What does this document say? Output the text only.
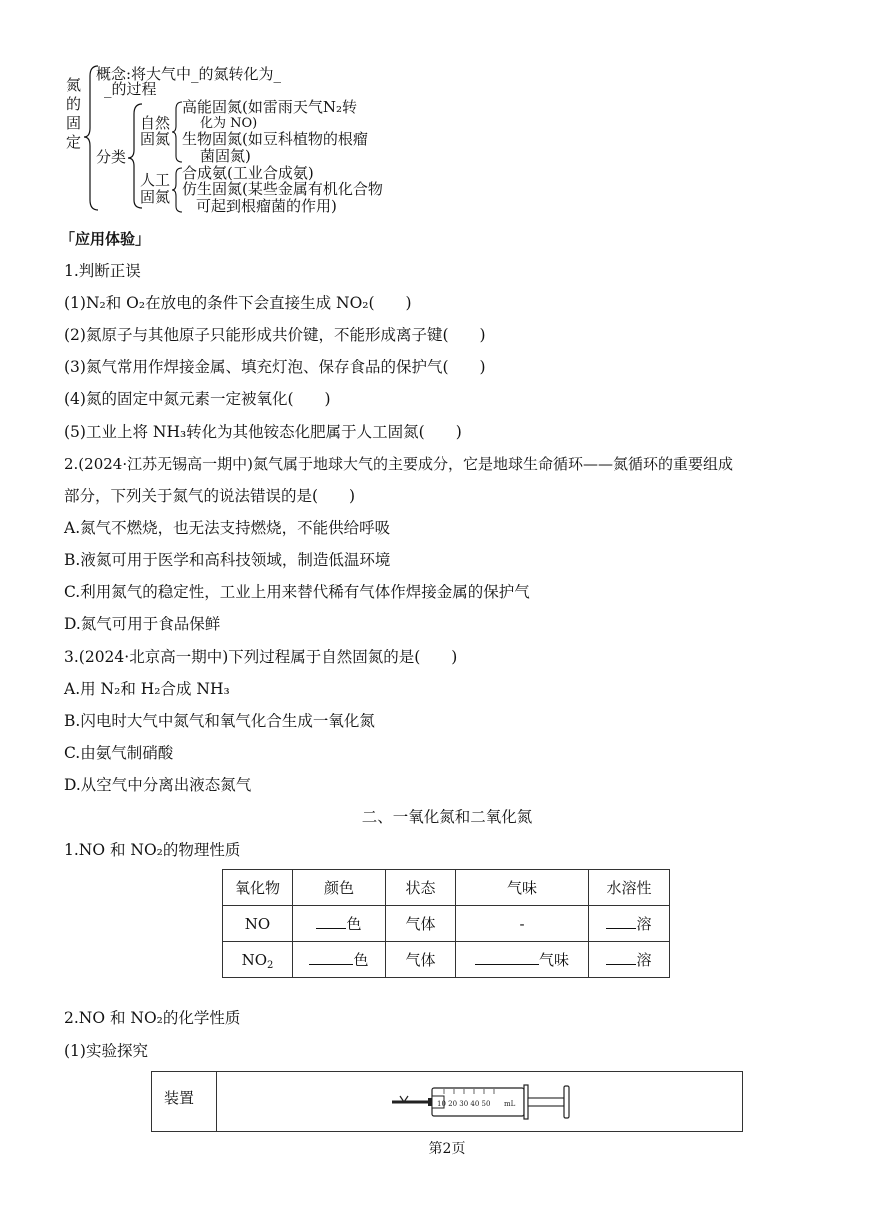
氮
的
固
定
概念:将大气中_的氮转化为_
_的过程
分类
自然
固氮
高能固氮(如雷雨天气N₂转
化为 NO)
生物固氮(如豆科植物的根瘤
菌固氮)
人工
固氮
合成氨(工业合成氨)
仿生固氮(某些金属有机化合物
可起到根瘤菌的作用)
「应用体验」
1.判断正误
(1)N₂和 O₂在放电的条件下会直接生成 NO₂(　　)
(2)氮原子与其他原子只能形成共价键，不能形成离子键(　　)
(3)氮气常用作焊接金属、填充灯泡、保存食品的保护气(　　)
(4)氮的固定中氮元素一定被氧化(　　)
(5)工业上将 NH₃转化为其他铵态化肥属于人工固氮(　　)
2.(2024·江苏无锡高一期中)氮气属于地球大气的主要成分，它是地球生命循环——氮循环的重要组成
部分，下列关于氮气的说法错误的是(　　)
A.氮气不燃烧，也无法支持燃烧，不能供给呼吸
B.液氮可用于医学和高科技领域，制造低温环境
C.利用氮气的稳定性，工业上用来替代稀有气体作焊接金属的保护气
D.氮气可用于食品保鲜
3.(2024·北京高一期中)下列过程属于自然固氮的是(　　)
A.用 N₂和 H₂合成 NH₃
B.闪电时大气中氮气和氧气化合生成一氧化氮
C.由氨气制硝酸
D.从空气中分离出液态氮气
二、一氧化氮和二氧化氮
1.NO 和 NO₂的物理性质
氧化物	颜色	状态	气味	水溶性
NO	色	气体	-	溶
$NO_2$	色	气体	气味	溶
2.NO 和 NO₂的化学性质
(1)实验探究
装置	10 20 30 40 50 mL
第2页
